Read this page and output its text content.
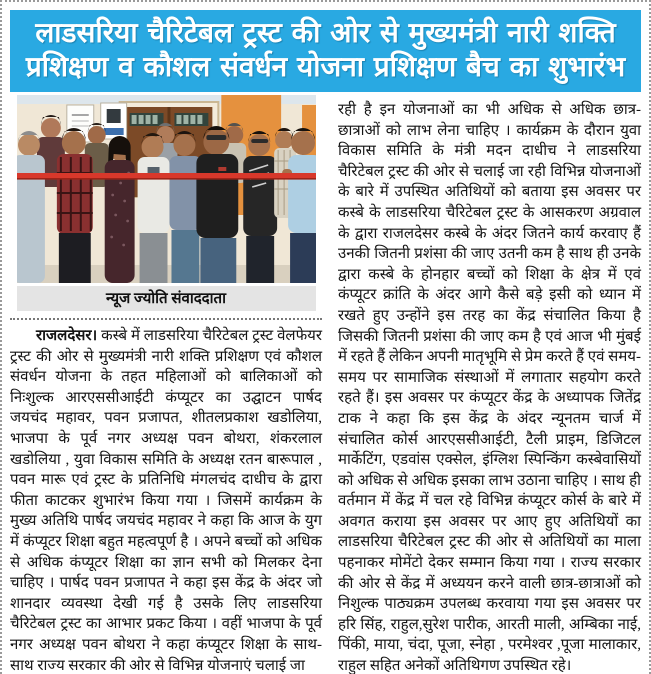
लाडसरिया चैरिटेबल ट्रस्ट की ओर से मुख्यमंत्री नारी शक्ति
प्रशिक्षण व कौशल संवर्धन योजना प्रशिक्षण बैच का शुभारंभ
न्यूज ज्योति संवाददाता

राजलदेसर। कस्बे में लाडसरिया चैरिटेबल ट्रस्ट वेलफेयर ट्रस्ट की ओर से मुख्यमंत्री नारी शक्ति प्रशिक्षण एवं कौशल संवर्धन योजना के तहत महिलाओं को बालिकाओं को निःशुल्क आरएससीआईटी कंप्यूटर का उद्घाटन पार्षद जयचंद महावर, पवन प्रजापत, शीतलप्रकाश खडोलिया, भाजपा के पूर्व नगर अध्यक्ष पवन बोथरा, शंकरलाल खडोलिया , युवा विकास समिति के अध्यक्ष रतन बारूपाल , पवन मारू एवं ट्रस्ट के प्रतिनिधि मंगलचंद दाधीच के द्वारा फीता काटकर शुभारंभ किया गया । जिसमें कार्यक्रम के मुख्य अतिथि पार्षद जयचंद महावर ने कहा कि आज के युग में कंप्यूटर शिक्षा बहुत महत्वपूर्ण है । अपने बच्चों को अधिक से अधिक कंप्यूटर शिक्षा का ज्ञान सभी को मिलकर देना चाहिए । पार्षद पवन प्रजापत ने कहा इस केंद्र के अंदर जो शानदार व्यवस्था देखी गई है उसके लिए लाडसरिया चैरिटेबल ट्रस्ट का आभार प्रकट किया । वहीं भाजपा के पूर्व नगर अध्यक्ष पवन बोथरा ने कहा कंप्यूटर शिक्षा के साथ-साथ राज्य सरकार की ओर से विभिन्न योजनाएं चलाई जा

रही है इन योजनाओं का भी अधिक से अधिक छात्र-छात्राओं को लाभ लेना चाहिए । कार्यक्रम के दौरान युवा विकास समिति के मंत्री मदन दाधीच ने लाडसरिया चैरिटेबल ट्रस्ट की ओर से चलाई जा रही विभिन्न योजनाओं के बारे में उपस्थित अतिथियों को बताया इस अवसर पर कस्बे के लाडसरिया चैरिटेबल ट्रस्ट के आसकरण अग्रवाल के द्वारा राजलदेसर कस्बे के अंदर जितने कार्य करवाए हैं उनकी जितनी प्रशंसा की जाए उतनी कम है साथ ही उनके द्वारा कस्बे के होनहार बच्चों को शिक्षा के क्षेत्र में एवं कंप्यूटर क्रांति के अंदर आगे कैसे बड़े इसी को ध्यान में रखते हुए उन्होंने इस तरह का केंद्र संचालित किया है जिसकी जितनी प्रशंसा की जाए कम है एवं आज भी मुंबई में रहते हैं लेकिन अपनी मातृभूमि से प्रेम करते हैं एवं समय-समय पर सामाजिक संस्थाओं में लगातार सहयोग करते रहते हैं। इस अवसर पर कंप्यूटर केंद्र के अध्यापक जितेंद्र टाक ने कहा कि इस केंद्र के अंदर न्यूनतम चार्ज में संचालित कोर्स आरएससीआईटी, टैली प्राइम, डिजिटल मार्केटिंग, एडवांस एक्सेल, इंग्लिश स्पिन्किंग कस्बेवासियों को अधिक से अधिक इसका लाभ उठाना चाहिए । साथ ही वर्तमान में केंद्र में चल रहे विभिन्न कंप्यूटर कोर्स के बारे में अवगत कराया इस अवसर पर आए हुए अतिथियों का लाडसरिया चैरिटेबल ट्रस्ट की ओर से अतिथियों का माला पहनाकर मोमेंटो देकर सम्मान किया गया । राज्य सरकार की ओर से केंद्र में अध्ययन करने वाली छात्र-छात्राओं को निशुल्क पाठ्यक्रम उपलब्ध करवाया गया इस अवसर पर हरि सिंह, राहुल,सुरेश पारीक, आरती माली, अम्बिका नाई, पिंकी, माया, चंदा, पूजा, स्नेहा , परमेश्वर ,पूजा मालाकार, राहुल सहित अनेकों अतिथिगण उपस्थित रहे।
